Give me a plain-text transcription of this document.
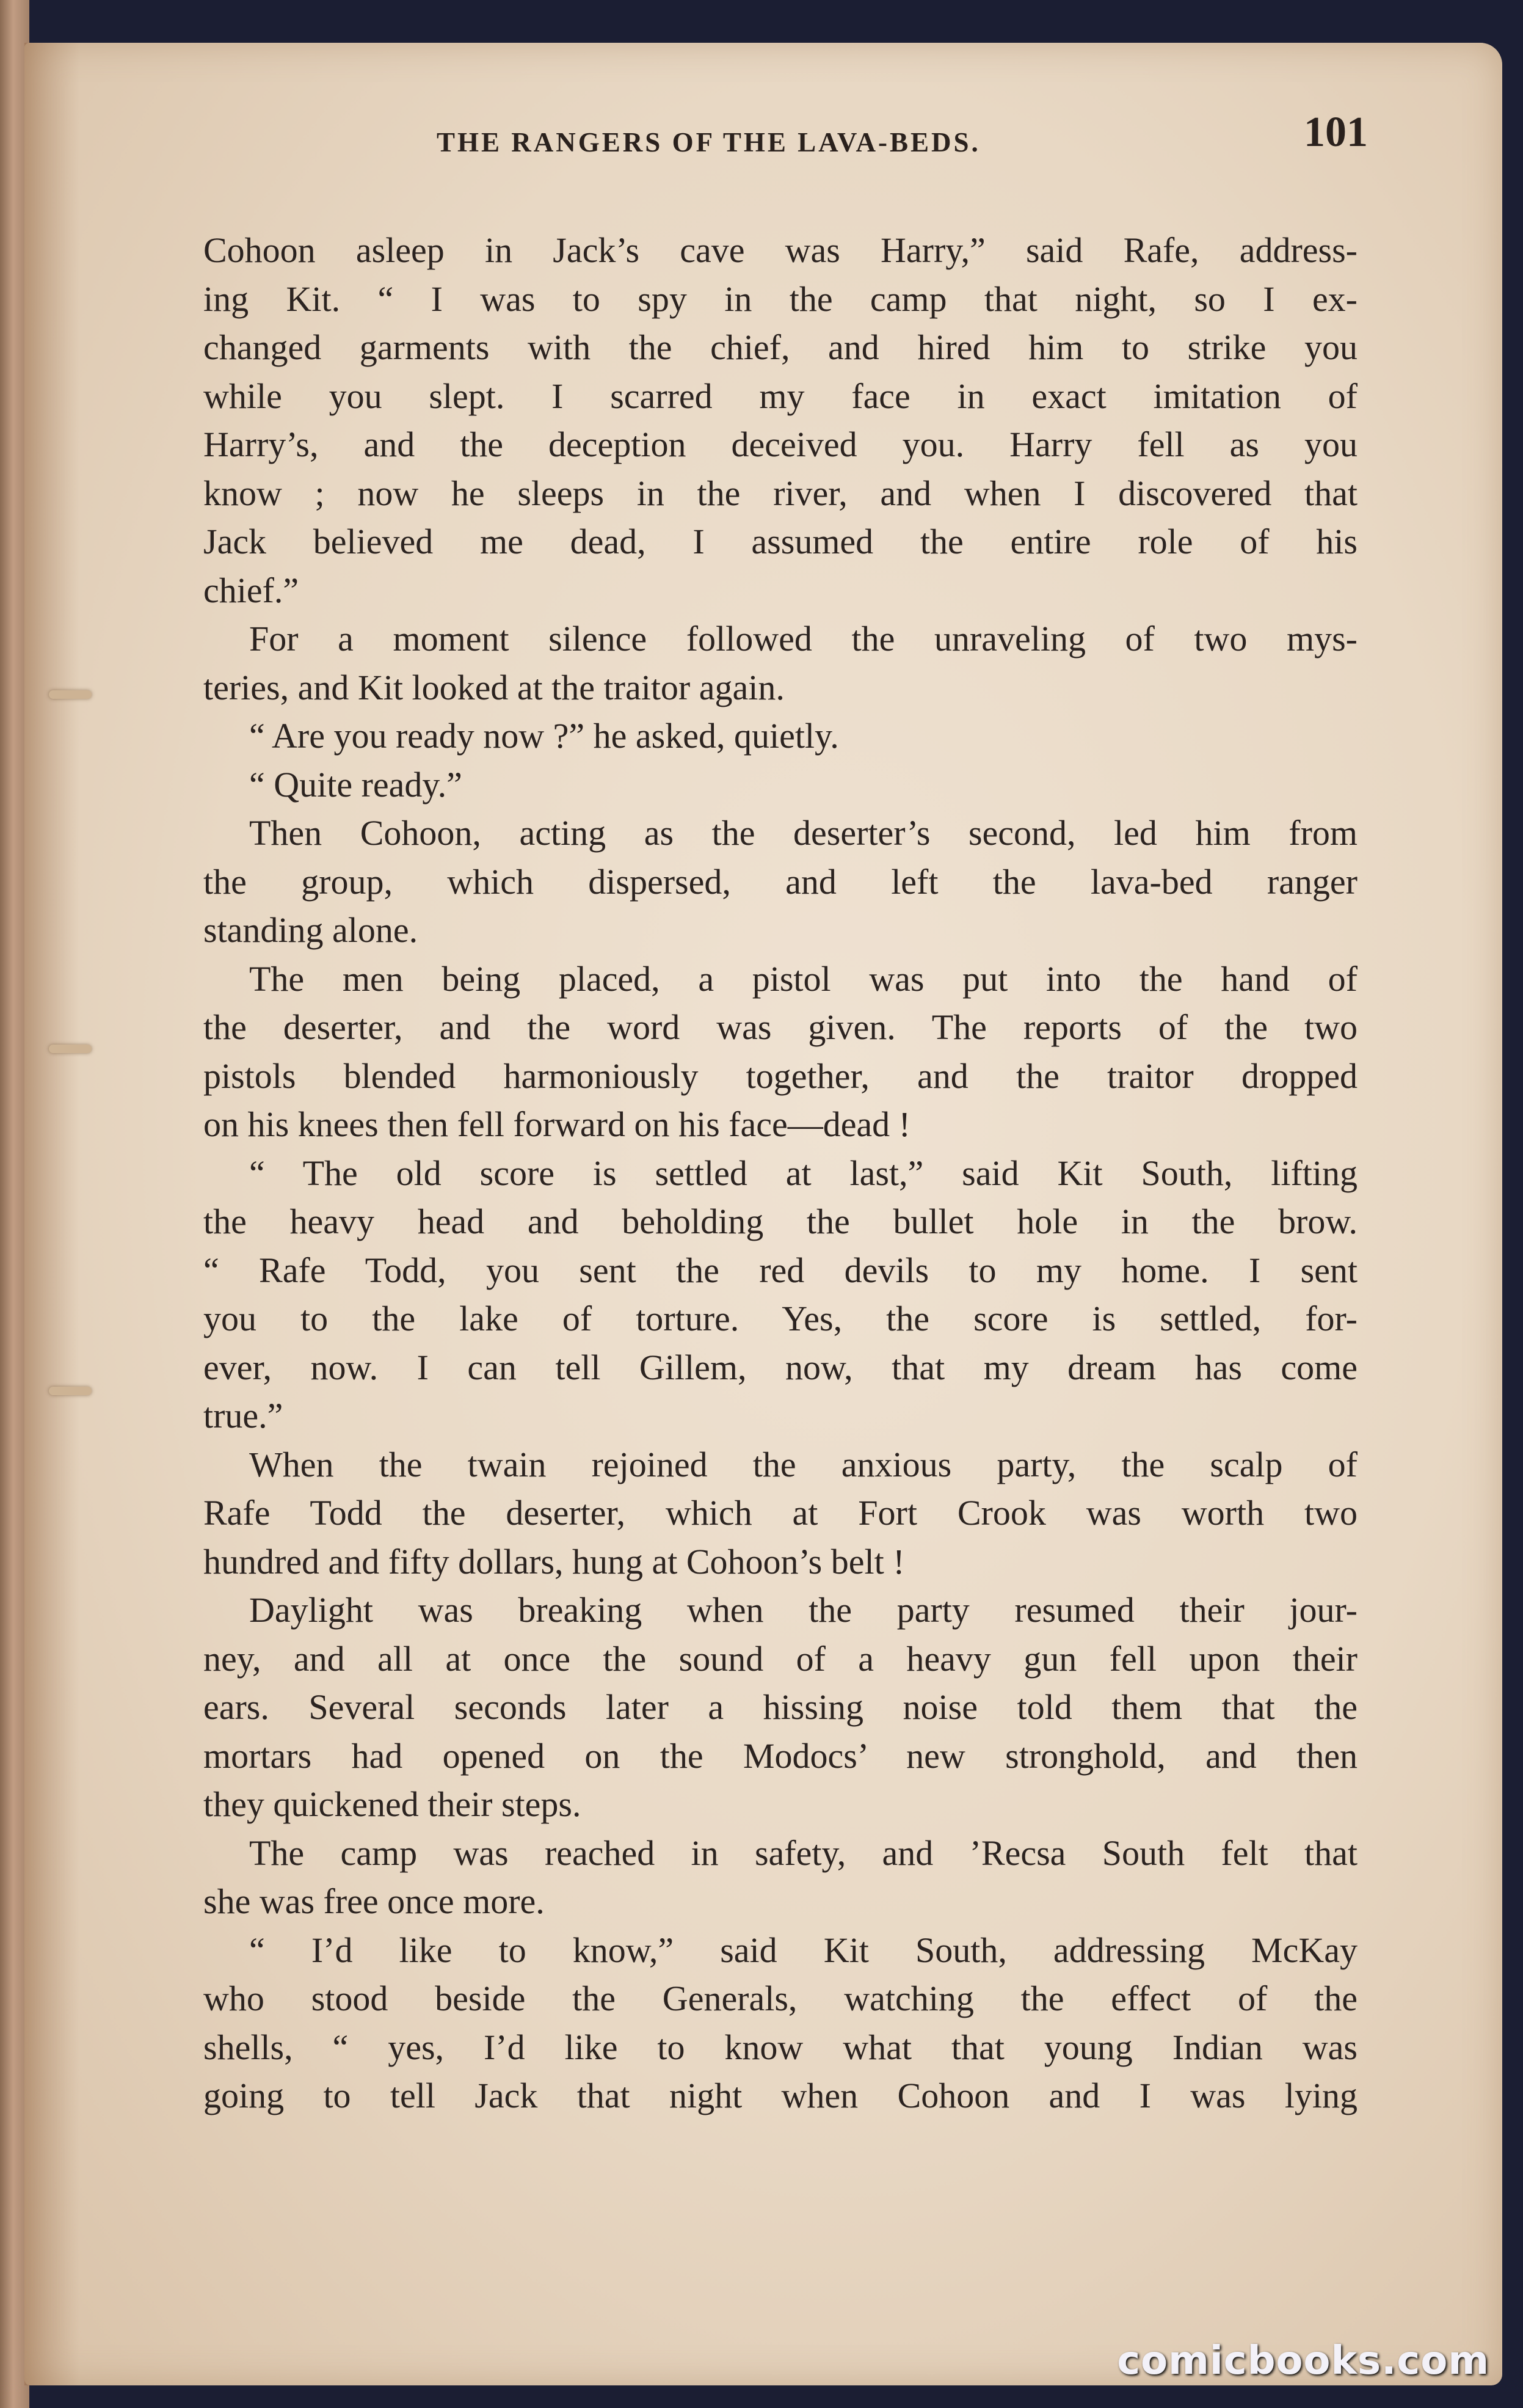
THE RANGERS OF THE LAVA-BEDS.	101
Cohoon asleep in Jack’s cave was Harry,” said Rafe, address-
ing Kit. “ I was to spy in the camp that night, so I ex-
changed garments with the chief, and hired him to strike you
while you slept. I scarred my face in exact imitation of
Harry’s, and the deception deceived you. Harry fell as you
know ; now he sleeps in the river, and when I discovered that
Jack believed me dead, I assumed the entire role of his
chief.”
For a moment silence followed the unraveling of two mys-
teries, and Kit looked at the traitor again.
“ Are you ready now ?” he asked, quietly.
“ Quite ready.”
Then Cohoon, acting as the deserter’s second, led him from
the group, which dispersed, and left the lava-bed ranger
standing alone.
The men being placed, a pistol was put into the hand of
the deserter, and the word was given. The reports of the two
pistols blended harmoniously together, and the traitor dropped
on his knees then fell forward on his face—dead !
“ The old score is settled at last,” said Kit South, lifting
the heavy head and beholding the bullet hole in the brow.
“ Rafe Todd, you sent the red devils to my home. I sent
you to the lake of torture. Yes, the score is settled, for-
ever, now. I can tell Gillem, now, that my dream has come
true.”
When the twain rejoined the anxious party, the scalp of
Rafe Todd the deserter, which at Fort Crook was worth two
hundred and fifty dollars, hung at Cohoon’s belt !
Daylight was breaking when the party resumed their jour-
ney, and all at once the sound of a heavy gun fell upon their
ears. Several seconds later a hissing noise told them that the
mortars had opened on the Modocs’ new stronghold, and then
they quickened their steps.
The camp was reached in safety, and ’Recsa South felt that
she was free once more.
“ I’d like to know,” said Kit South, addressing McKay
who stood beside the Generals, watching the effect of the
shells, “ yes, I’d like to know what that young Indian was
going to tell Jack that night when Cohoon and I was lying
comicbooks.com
